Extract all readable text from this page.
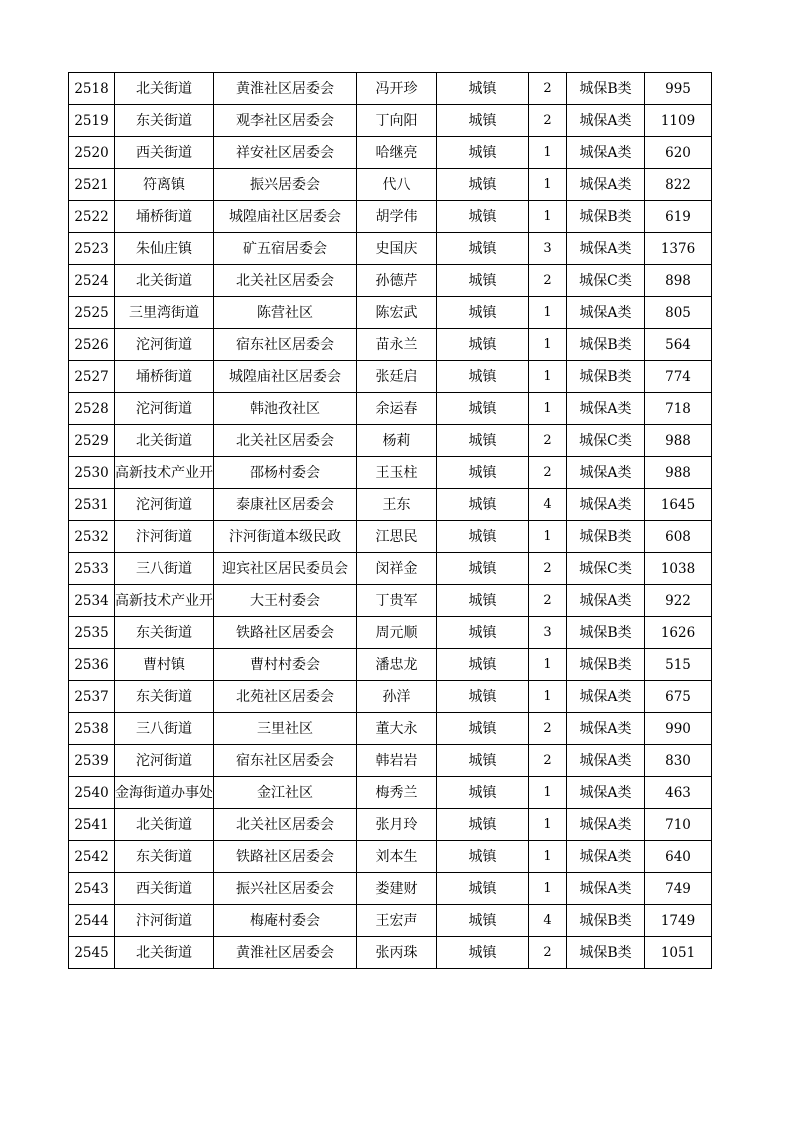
2518	北关街道	黄淮社区居委会	冯开珍	城镇	2	城保B类	995
2519	东关街道	观李社区居委会	丁向阳	城镇	2	城保A类	1109
2520	西关街道	祥安社区居委会	哈继亮	城镇	1	城保A类	620
2521	符离镇	振兴居委会	代八	城镇	1	城保A类	822
2522	埇桥街道	城隍庙社区居委会	胡学伟	城镇	1	城保B类	619
2523	朱仙庄镇	矿五宿居委会	史国庆	城镇	3	城保A类	1376
2524	北关街道	北关社区居委会	孙德芹	城镇	2	城保C类	898
2525	三里湾街道	陈营社区	陈宏武	城镇	1	城保A类	805
2526	沱河街道	宿东社区居委会	苗永兰	城镇	1	城保B类	564
2527	埇桥街道	城隍庙社区居委会	张廷启	城镇	1	城保B类	774
2528	沱河街道	韩池孜社区	余运春	城镇	1	城保A类	718
2529	北关街道	北关社区居委会	杨莉	城镇	2	城保C类	988
2530	高新技术产业开	邵杨村委会	王玉柱	城镇	2	城保A类	988
2531	沱河街道	泰康社区居委会	王东	城镇	4	城保A类	1645
2532	汴河街道	汴河街道本级民政	江思民	城镇	1	城保B类	608
2533	三八街道	迎宾社区居民委员会	闵祥金	城镇	2	城保C类	1038
2534	高新技术产业开	大王村委会	丁贵军	城镇	2	城保A类	922
2535	东关街道	铁路社区居委会	周元顺	城镇	3	城保B类	1626
2536	曹村镇	曹村村委会	潘忠龙	城镇	1	城保B类	515
2537	东关街道	北苑社区居委会	孙洋	城镇	1	城保A类	675
2538	三八街道	三里社区	董大永	城镇	2	城保A类	990
2539	沱河街道	宿东社区居委会	韩岩岩	城镇	2	城保A类	830
2540	金海街道办事处	金江社区	梅秀兰	城镇	1	城保A类	463
2541	北关街道	北关社区居委会	张月玲	城镇	1	城保A类	710
2542	东关街道	铁路社区居委会	刘本生	城镇	1	城保A类	640
2543	西关街道	振兴社区居委会	娄建财	城镇	1	城保A类	749
2544	汴河街道	梅庵村委会	王宏声	城镇	4	城保B类	1749
2545	北关街道	黄淮社区居委会	张丙珠	城镇	2	城保B类	1051
